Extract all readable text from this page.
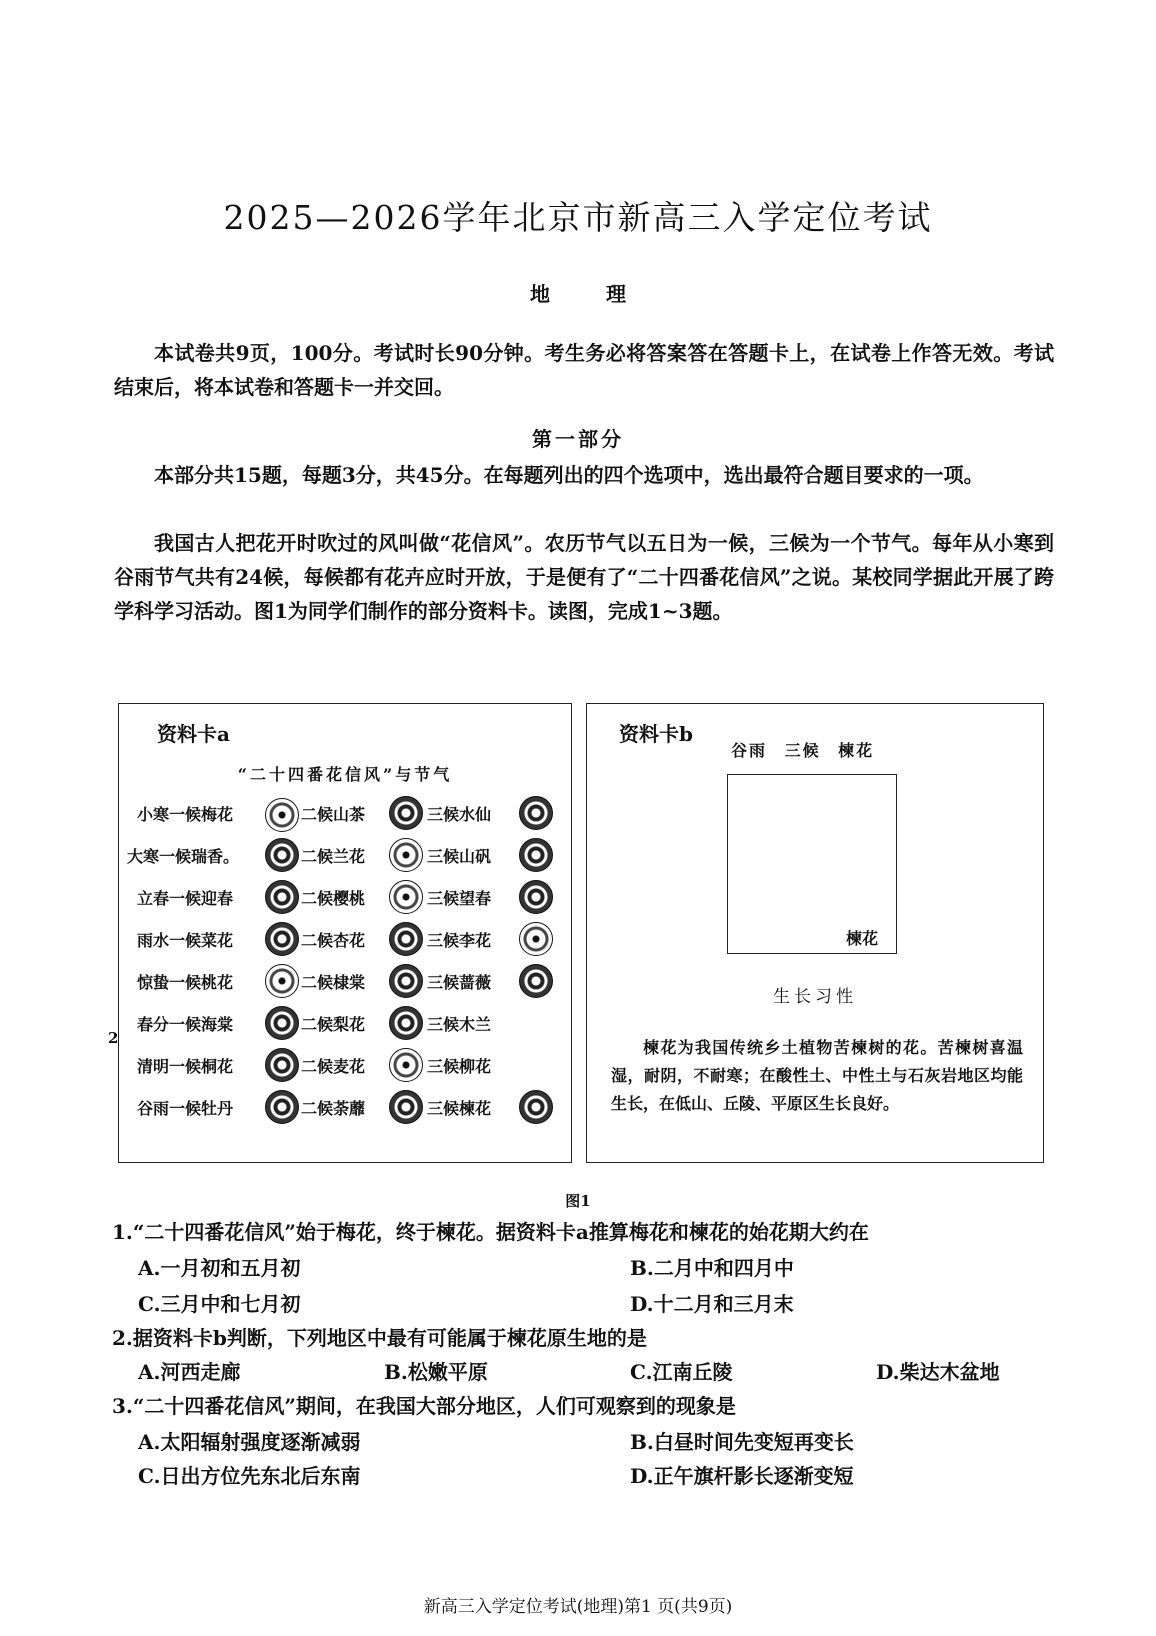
2025—2026学年北京市新高三入学定位考试
地理

本试卷共9页，100分。考试时长90分钟。考生务必将答案答在答题卡上，在试卷上作答无效。考试结束后，将本试卷和答题卡一并交回。

第一部分

本部分共15题，每题3分，共45分。在每题列出的四个选项中，选出最符合题目要求的一项。

我国古人把花开时吹过的风叫做“花信风”。农历节气以五日为一候，三候为一个节气。每年从小寒到谷雨节气共有24候，每候都有花卉应时开放，于是便有了“二十四番花信风”之说。某校同学据此开展了跨学科学习活动。图1为同学们制作的部分资料卡。读图，完成1~3题。

资料卡a
“二十四番花信风”与节气
小寒一候梅花	二候山茶	三候水仙
大寒一候瑞香。	二候兰花	三候山矾
立春一候迎春	二候樱桃	三候望春
雨水一候菜花	二候杏花	三候李花
惊蛰一候桃花	二候棣棠	三候蔷薇
春分一候海棠	二候梨花	三候木兰
清明一候桐花	二候麦花	三候柳花
谷雨一候牡丹	二候荼蘼	三候楝花
2
资料卡b
谷雨 三候 楝花
楝花
生长习性
楝花为我国传统乡土植物苦楝树的花。苦楝树喜温湿，耐阴，不耐寒；在酸性土、中性土与石灰岩地区均能生长，在低山、丘陵、平原区生长良好。
图1
1.“二十四番花信风”始于梅花，终于楝花。据资料卡a推算梅花和楝花的始花期大约在
A.一月初和五月初	B.二月中和四月中
C.三月中和七月初	D.十二月和三月末
2.据资料卡b判断，下列地区中最有可能属于楝花原生地的是
A.河西走廊	B.松嫩平原	C.江南丘陵	D.柴达木盆地
3.“二十四番花信风”期间，在我国大部分地区，人们可观察到的现象是
A.太阳辐射强度逐渐减弱	B.白昼时间先变短再变长
C.日出方位先东北后东南	D.正午旗杆影长逐渐变短
新高三入学定位考试(地理)第1 页(共9页)
